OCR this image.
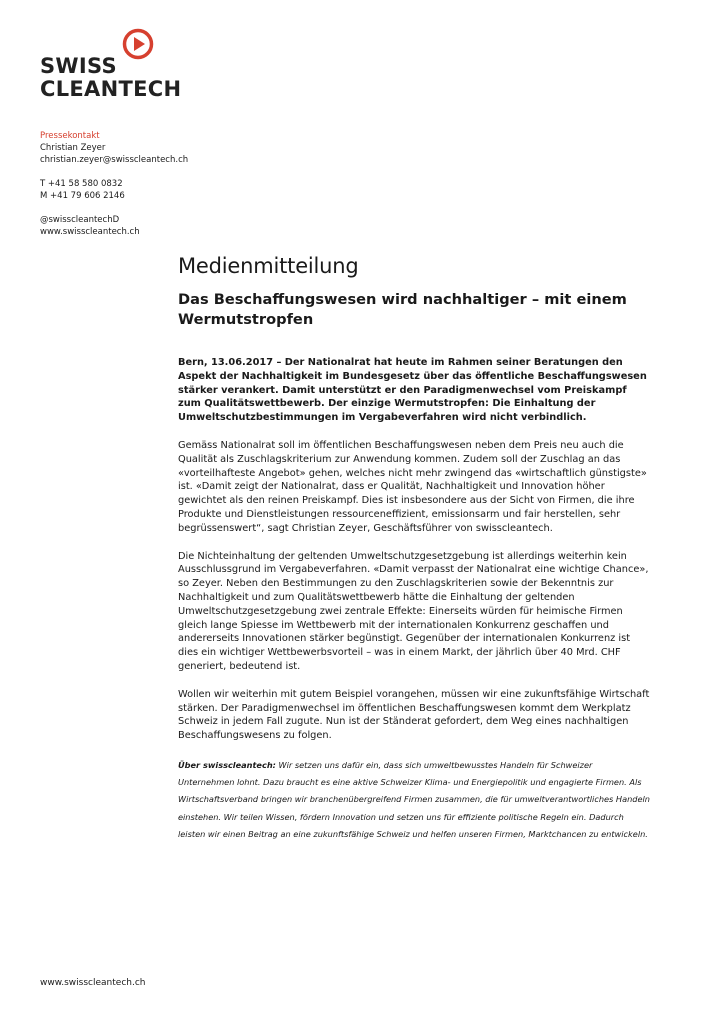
SWISS
CLEANTECH
Pressekontakt
Christian Zeyer
christian.zeyer@swisscleantech.ch
T +41 58 580 0832
M +41 79 606 2146
@swisscleantechD
www.swisscleantech.ch
Medienmitteilung
Das Beschaffungswesen wird nachhaltiger – mit einem Wermutstropfen
Bern, 13.06.2017 – Der Nationalrat hat heute im Rahmen seiner Beratungen den Aspekt der Nachhaltigkeit im Bundesgesetz über das öffentliche Beschaffungswesen stärker verankert. Damit unterstützt er den Paradigmenwechsel vom Preiskampf zum Qualitätswettbewerb. Der einzige Wermutstropfen: Die Einhaltung der Umweltschutzbestimmungen im Vergabeverfahren wird nicht verbindlich.
Gemäss Nationalrat soll im öffentlichen Beschaffungswesen neben dem Preis neu auch die Qualität als Zuschlagskriterium zur Anwendung kommen. Zudem soll der Zuschlag an das «vorteilhafteste Angebot» gehen, welches nicht mehr zwingend das «wirtschaftlich günstigste» ist. «Damit zeigt der Nationalrat, dass er Qualität, Nachhaltigkeit und Innovation höher gewichtet als den reinen Preiskampf. Dies ist insbesondere aus der Sicht von Firmen, die ihre Produkte und Dienstleistungen ressourceneffizient, emissionsarm und fair herstellen, sehr begrüssenswert“, sagt Christian Zeyer, Geschäftsführer von swisscleantech.
Die Nichteinhaltung der geltenden Umweltschutzgesetzgebung ist allerdings weiterhin kein Ausschlussgrund im Vergabeverfahren. «Damit verpasst der Nationalrat eine wichtige Chance», so Zeyer. Neben den Bestimmungen zu den Zuschlagskriterien sowie der Bekenntnis zur Nachhaltigkeit und zum Qualitätswettbewerb hätte die Einhaltung der geltenden Umweltschutzgesetzgebung zwei zentrale Effekte: Einerseits würden für heimische Firmen gleich lange Spiesse im Wettbewerb mit der internationalen Konkurrenz geschaffen und andererseits Innovationen stärker begünstigt. Gegenüber der internationalen Konkurrenz ist dies ein wichtiger Wettbewerbsvorteil – was in einem Markt, der jährlich über 40 Mrd. CHF generiert, bedeutend ist.
Wollen wir weiterhin mit gutem Beispiel vorangehen, müssen wir eine zukunftsfähige Wirtschaft stärken. Der Paradigmenwechsel im öffentlichen Beschaffungswesen kommt dem Werkplatz Schweiz in jedem Fall zugute. Nun ist der Ständerat gefordert, dem Weg eines nachhaltigen Beschaffungswesens zu folgen.
Über swisscleantech: Wir setzen uns dafür ein, dass sich umweltbewusstes Handeln für Schweizer Unternehmen lohnt. Dazu braucht es eine aktive Schweizer Klima- und Energiepolitik und engagierte Firmen. Als Wirtschaftsverband bringen wir branchenübergreifend Firmen zusammen, die für umweltverantwortliches Handeln einstehen. Wir teilen Wissen, fördern Innovation und setzen uns für effiziente politische Regeln ein. Dadurch leisten wir einen Beitrag an eine zukunftsfähige Schweiz und helfen unseren Firmen, Marktchancen zu entwickeln.
www.swisscleantech.ch
